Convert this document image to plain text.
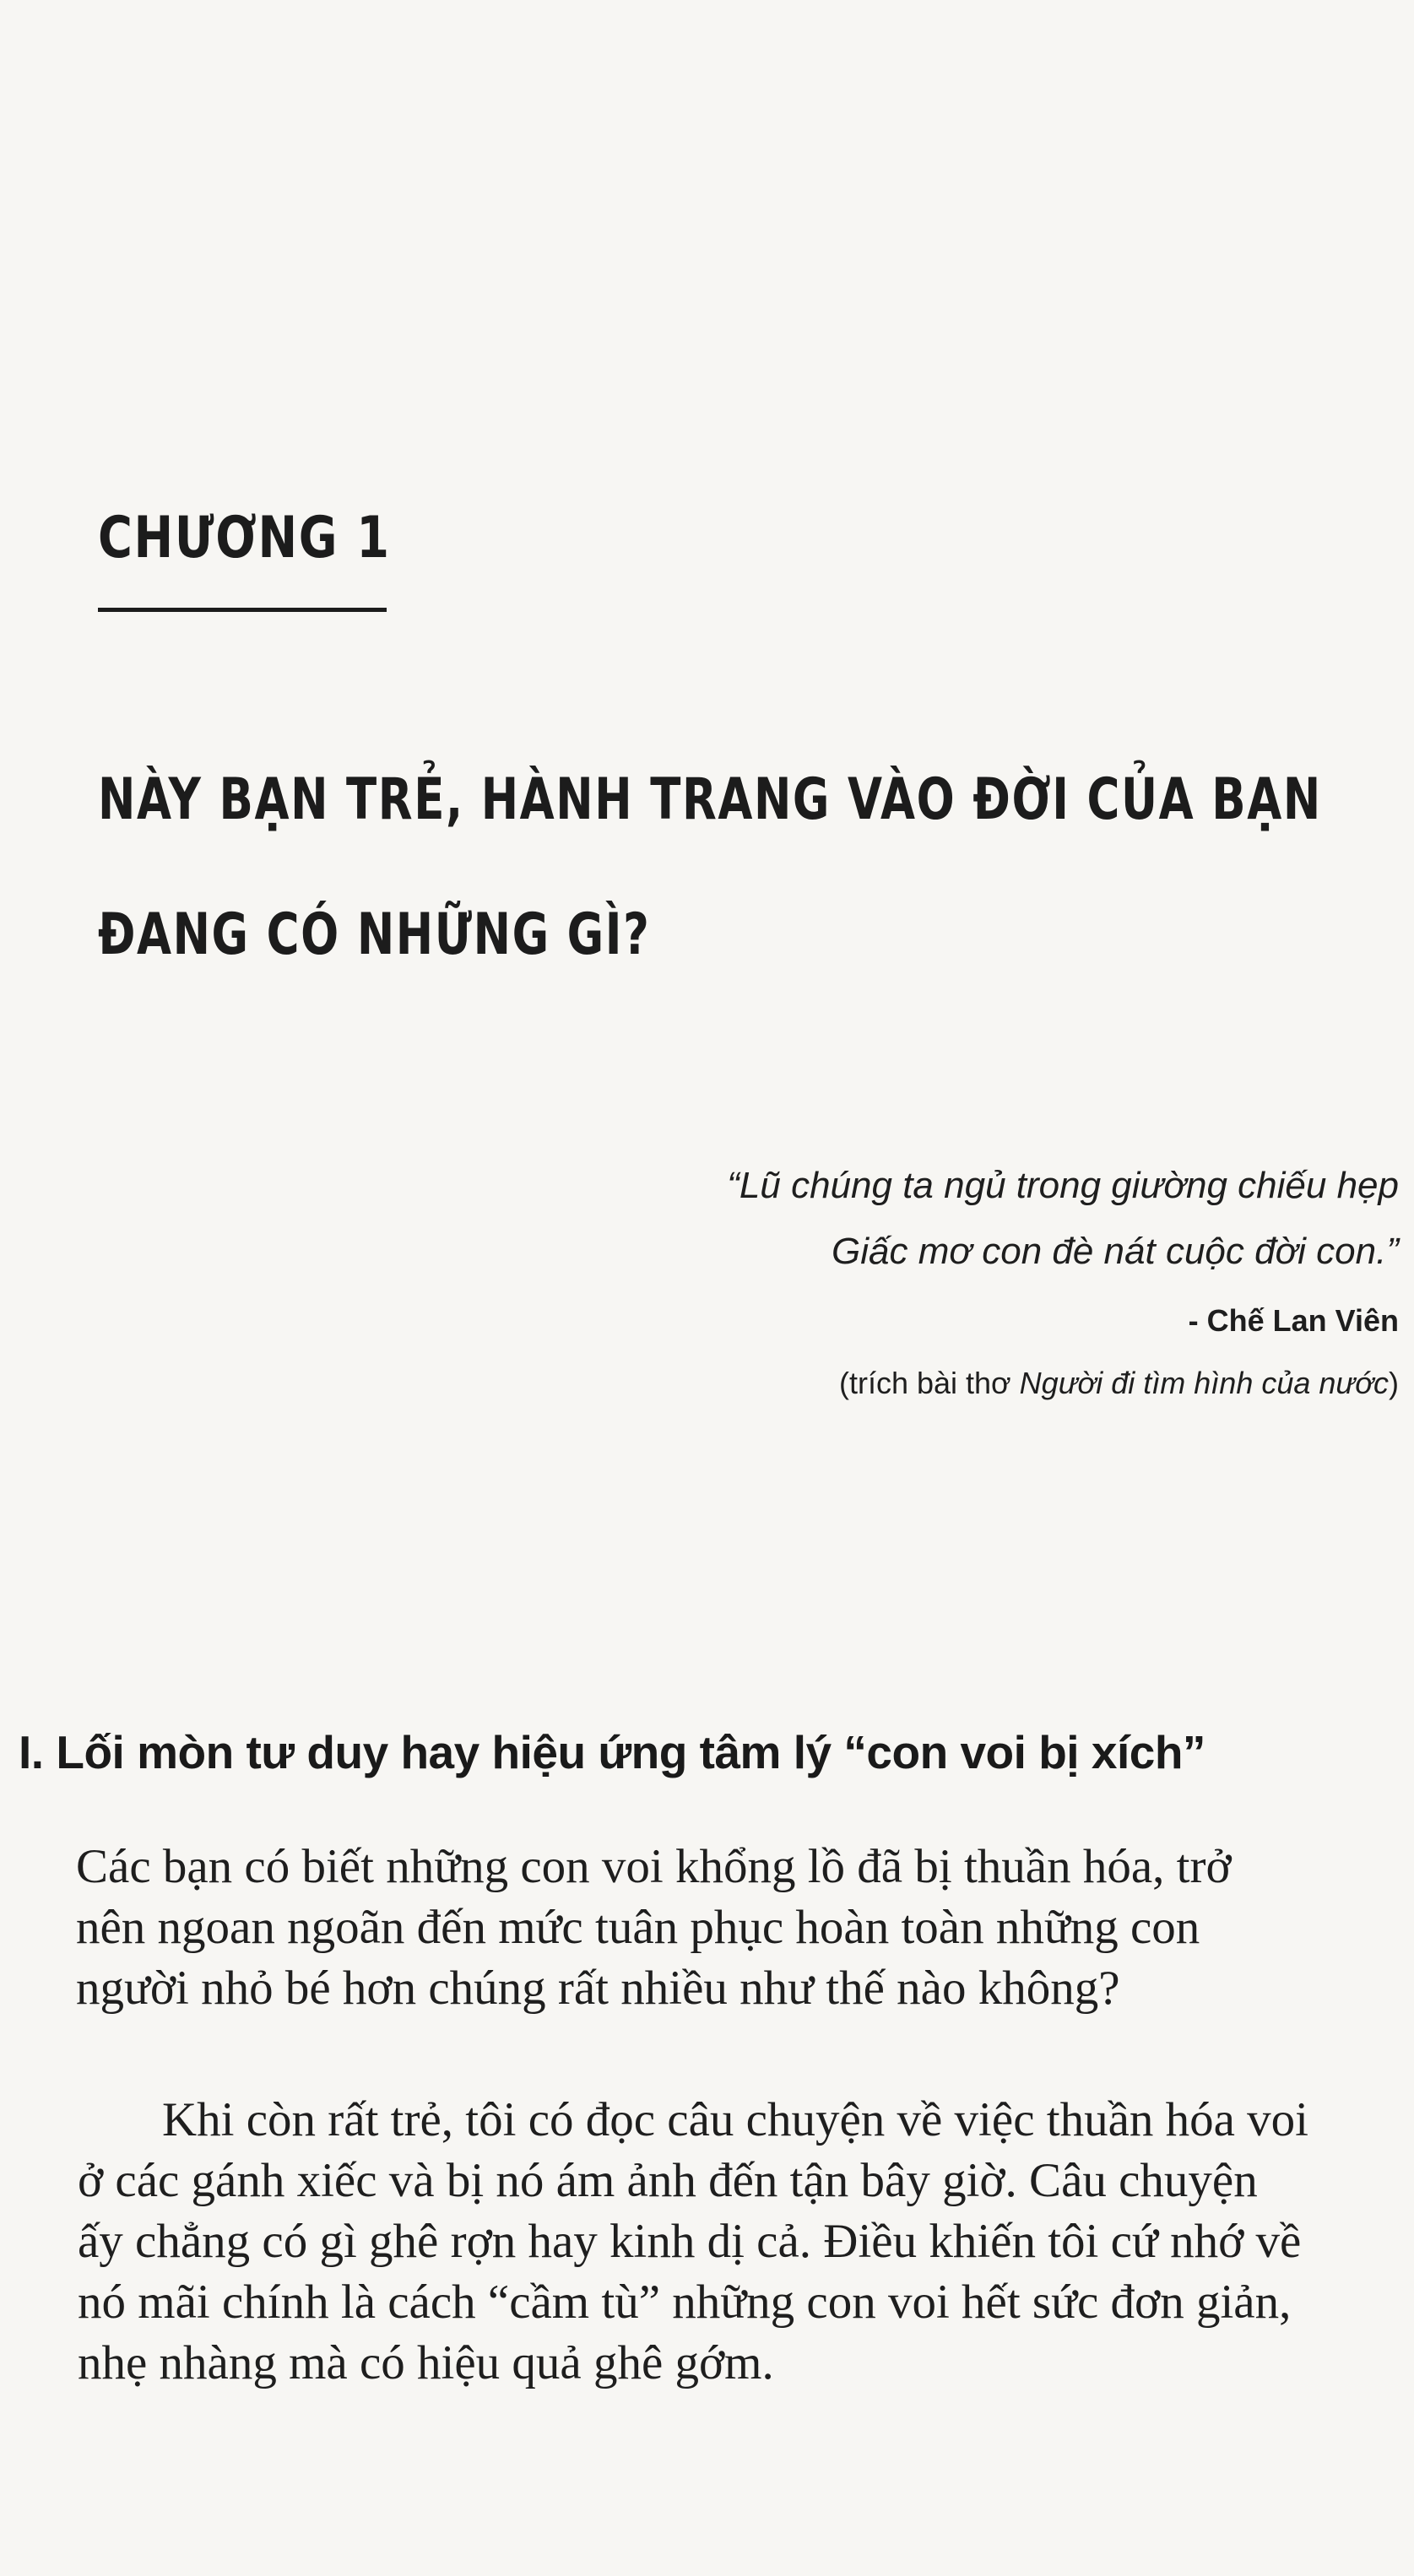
CHƯƠNG 1
NÀY BẠN TRẺ, HÀNH TRANG VÀO ĐỜI CỦA BẠN
ĐANG CÓ NHỮNG GÌ?
“Lũ chúng ta ngủ trong giường chiếu hẹp
Giấc mơ con đè nát cuộc đời con.”
- Chế Lan Viên
(trích bài thơ Người đi tìm hình của nước)
I. Lối mòn tư duy hay hiệu ứng tâm lý “con voi bị xích”
Các bạn có biết những con voi khổng lồ đã bị thuần hóa, trở
nên ngoan ngoãn đến mức tuân phục hoàn toàn những con
người nhỏ bé hơn chúng rất nhiều như thế nào không?
Khi còn rất trẻ, tôi có đọc câu chuyện về việc thuần hóa voi
ở các gánh xiếc và bị nó ám ảnh đến tận bây giờ. Câu chuyện
ấy chẳng có gì ghê rợn hay kinh dị cả. Điều khiến tôi cứ nhớ về
nó mãi chính là cách “cầm tù” những con voi hết sức đơn giản,
nhẹ nhàng mà có hiệu quả ghê gớm.
